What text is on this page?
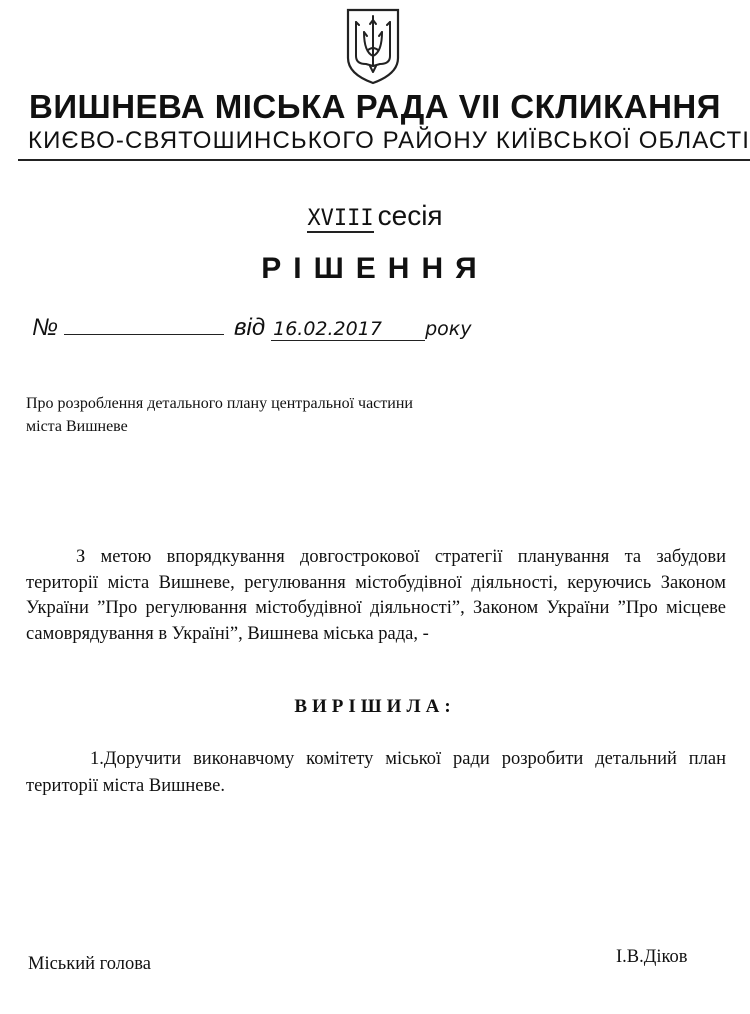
ВИШНЕВА МІСЬКА РАДА VII СКЛИКАННЯ
КИЄВО-СВЯТОШИНСЬКОГО РАЙОНУ КИЇВСЬКОЇ ОБЛАСТІ
XVIII сесія
РІШЕННЯ
№	від 16.02.2017 року
Про розроблення детального плану центральної частини міста Вишневе
З метою впорядкування довгострокової стратегії планування та забудови території міста Вишневе, регулювання містобудівної діяльності, керуючись Законом України ”Про регулювання містобудівної діяльності”, Законом України ”Про місцеве самоврядування в Україні”, Вишнева міська рада, -
ВИРІШИЛА:
1.Доручити виконавчому комітету міської ради розробити детальний план території міста Вишневе.
Міський голова	І.В.Діков
